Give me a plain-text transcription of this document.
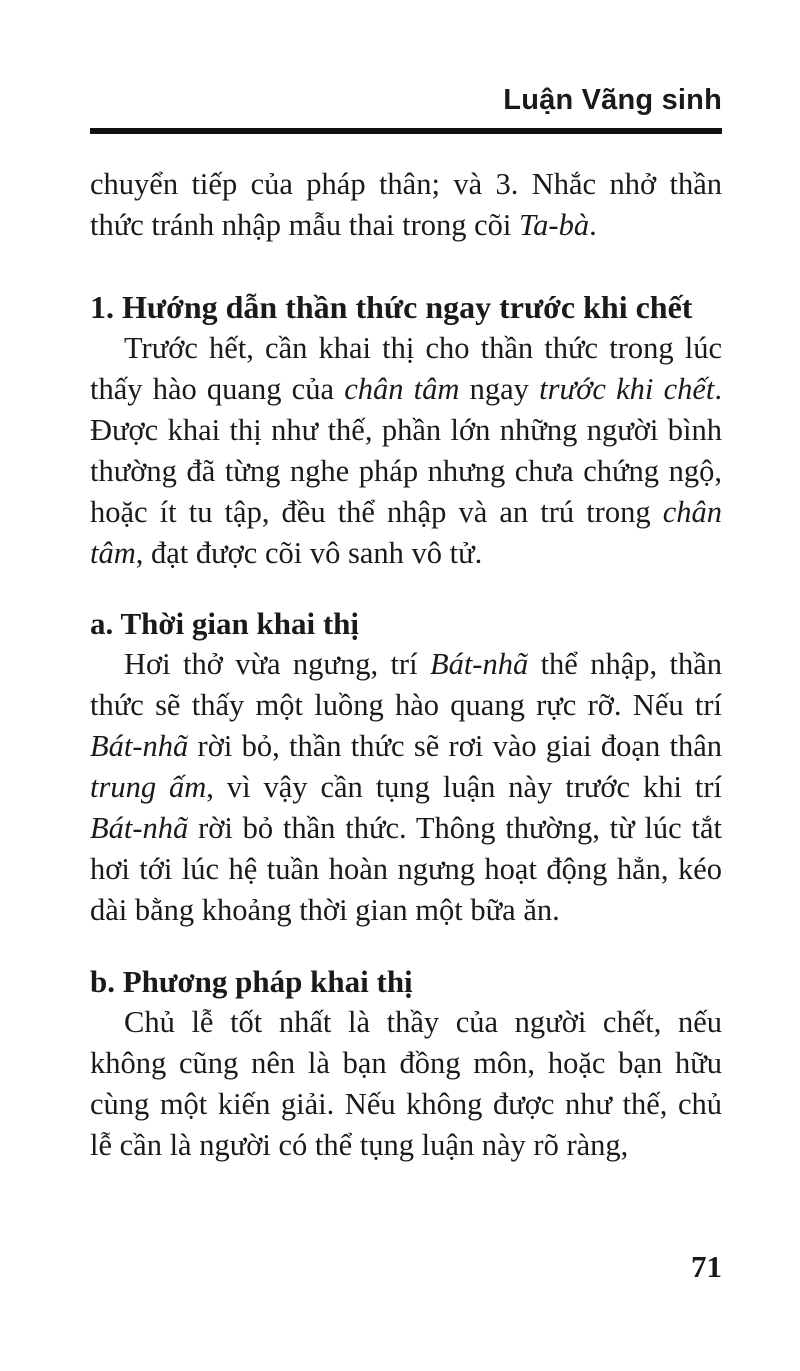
Luận Vãng sinh

chuyển tiếp của pháp thân; và 3. Nhắc nhở thần thức tránh nhập mẫu thai trong cõi Ta-bà.

1. Hướng dẫn thần thức ngay trước khi chết

Trước hết, cần khai thị cho thần thức trong lúc thấy hào quang của chân tâm ngay trước khi chết. Được khai thị như thế, phần lớn những người bình thường đã từng nghe pháp nhưng chưa chứng ngộ, hoặc ít tu tập, đều thể nhập và an trú trong chân tâm, đạt được cõi vô sanh vô tử.

a. Thời gian khai thị

Hơi thở vừa ngưng, trí Bát-nhã thể nhập, thần thức sẽ thấy một luồng hào quang rực rỡ. Nếu trí Bát-nhã rời bỏ, thần thức sẽ rơi vào giai đoạn thân trung ấm, vì vậy cần tụng luận này trước khi trí Bát-nhã rời bỏ thần thức. Thông thường, từ lúc tắt hơi tới lúc hệ tuần hoàn ngưng hoạt động hẳn, kéo dài bằng khoảng thời gian một bữa ăn.

b. Phương pháp khai thị

Chủ lễ tốt nhất là thầy của người chết, nếu không cũng nên là bạn đồng môn, hoặc bạn hữu cùng một kiến giải. Nếu không được như thế, chủ lễ cần là người có thể tụng luận này rõ ràng,

71
